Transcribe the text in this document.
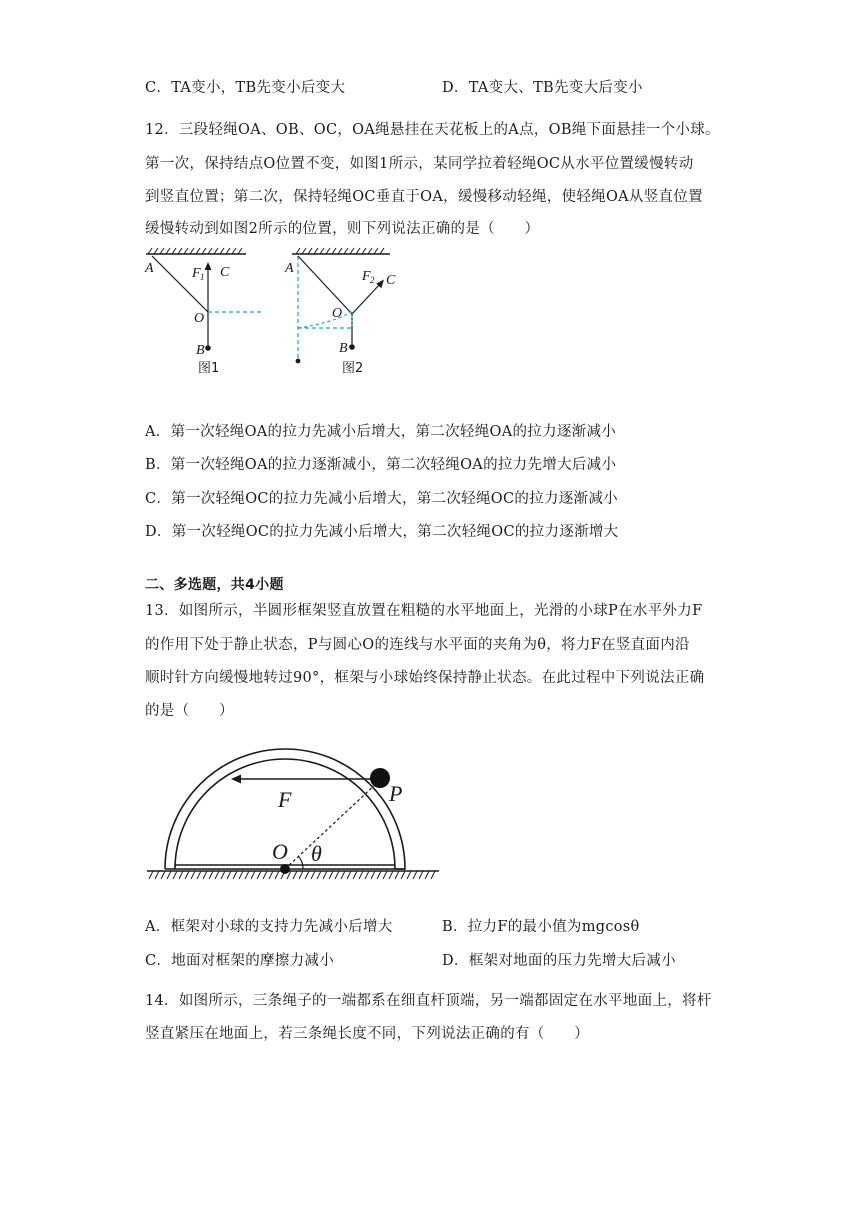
C．TA变小，TB先变小后变大	D．TA变大、TB先变大后变小
12．三段轻绳OA、OB、OC，OA绳悬挂在天花板上的A点，OB绳下面悬挂一个小球。
第一次，保持结点O位置不变，如图1所示，某同学拉着轻绳OC从水平位置缓慢转动
到竖直位置；第二次，保持轻绳OC垂直于OA，缓慢移动轻绳，使轻绳OA从竖直位置
缓慢转动到如图2所示的位置，则下列说法正确的是（　　）
A	F 1 C
O
B
图1
A
F 2 C
O
B
图2
A．第一次轻绳OA的拉力先减小后增大，第二次轻绳OA的拉力逐渐减小
B．第一次轻绳OA的拉力逐渐减小，第二次轻绳OA的拉力先增大后减小
C．第一次轻绳OC的拉力先减小后增大，第二次轻绳OC的拉力逐渐减小
D．第一次轻绳OC的拉力先减小后增大，第二次轻绳OC的拉力逐渐增大
二、多选题，共4小题
13．如图所示，半圆形框架竖直放置在粗糙的水平地面上，光滑的小球P在水平外力F
的作用下处于静止状态，P与圆心O的连线与水平面的夹角为θ，将力F在竖直面内沿
顺时针方向缓慢地转过90°，框架与小球始终保持静止状态。在此过程中下列说法正确
的是（　　）
F	P
O θ
A．框架对小球的支持力先减小后增大	B．拉力F的最小值为mgcosθ
C．地面对框架的摩擦力减小	D．框架对地面的压力先增大后减小
14．如图所示，三条绳子的一端都系在细直杆顶端，另一端都固定在水平地面上，将杆
竖直紧压在地面上，若三条绳长度不同，下列说法正确的有（　　）
